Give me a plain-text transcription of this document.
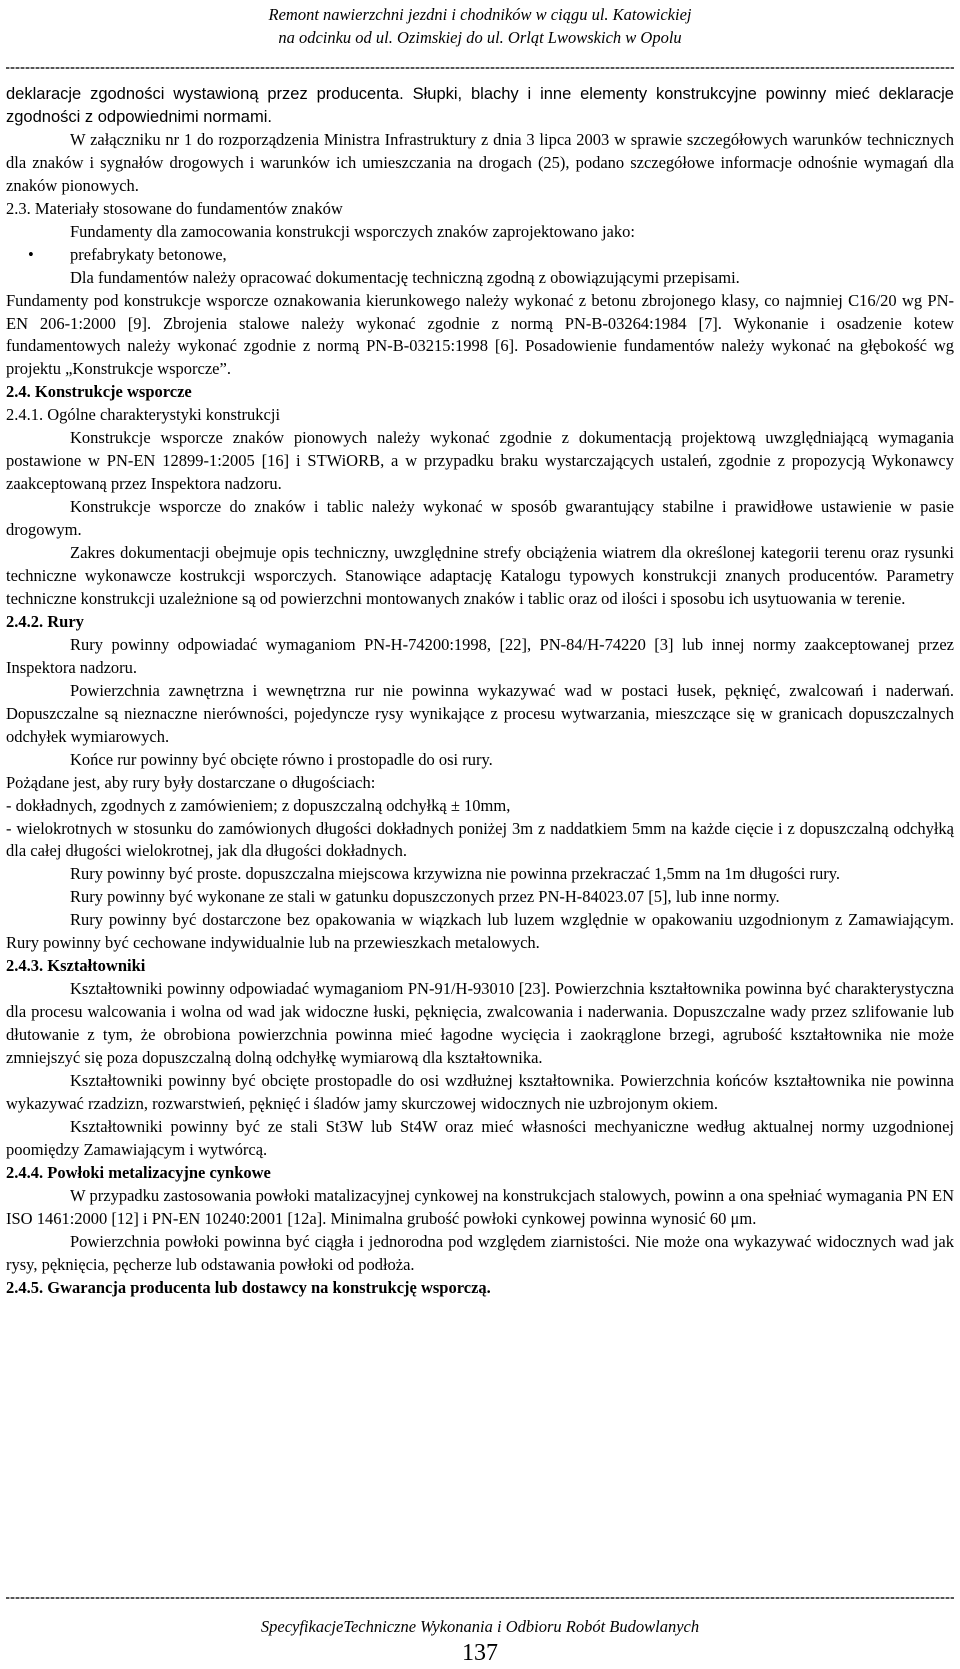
Remont nawierzchni jezdni i chodników w ciągu ul. Katowickiej
na odcinku od ul. Ozimskiej do ul. Orląt Lwowskich w Opolu

deklaracje zgodności wystawioną przez producenta. Słupki, blachy i inne elementy konstrukcyjne powinny mieć deklaracje zgodności z odpowiednimi normami.

W załączniku nr 1 do rozporządzenia Ministra Infrastruktury z dnia 3 lipca 2003 w sprawie szczegółowych warunków technicznych dla znaków i sygnałów drogowych i warunków ich umieszczania na drogach (25), podano szczegółowe informacje odnośnie wymagań dla znaków pionowych.

2.3. Materiały stosowane do fundamentów znaków

Fundamenty dla zamocowania konstrukcji wsporczych znaków zaprojektowano jako:

• prefabrykaty betonowe,

Dla fundamentów należy opracować dokumentację techniczną zgodną z obowiązującymi przepisami.

Fundamenty pod konstrukcje wsporcze oznakowania kierunkowego należy wykonać z betonu zbrojonego klasy, co najmniej C16/20 wg PN-EN 206-1:2000 [9]. Zbrojenia stalowe należy wykonać zgodnie z normą PN-B-03264:1984 [7]. Wykonanie i osadzenie kotew fundamentowych należy wykonać zgodnie z normą PN-B-03215:1998 [6]. Posadowienie fundamentów należy wykonać na głębokość wg projektu „Konstrukcje wsporcze”.

2.4. Konstrukcje wsporcze

2.4.1. Ogólne charakterystyki konstrukcji

Konstrukcje wsporcze znaków pionowych należy wykonać zgodnie z dokumentacją projektową uwzględniającą wymagania postawione w PN-EN 12899-1:2005 [16] i STWiORB, a w przypadku braku wystarczających ustaleń, zgodnie z propozycją Wykonawcy zaakceptowaną przez Inspektora nadzoru.

Konstrukcje wsporcze do znaków i tablic należy wykonać w sposób gwarantujący stabilne i prawidłowe ustawienie w pasie drogowym.

Zakres dokumentacji obejmuje opis techniczny, uwzględnine strefy obciążenia wiatrem dla określonej kategorii terenu oraz rysunki techniczne wykonawcze kostrukcji wsporczych. Stanowiące adaptację Katalogu typowych konstrukcji znanych producentów. Parametry techniczne konstrukcji uzależnione są od powierzchni montowanych znaków i tablic oraz od ilości i sposobu ich usytuowania w terenie.

2.4.2. Rury

Rury powinny odpowiadać wymaganiom PN-H-74200:1998, [22], PN-84/H-74220 [3] lub innej normy zaakceptowanej przez Inspektora nadzoru.

Powierzchnia zawnętrzna i wewnętrzna rur nie powinna wykazywać wad w postaci łusek, pęknięć, zwalcowań i naderwań. Dopuszczalne są nieznaczne nierówności, pojedyncze rysy wynikające z procesu wytwarzania, mieszczące się w granicach dopuszczalnych odchyłek wymiarowych.

Końce rur powinny być obcięte równo i prostopadle do osi rury.

Pożądane jest, aby rury były dostarczane o długościach:

- dokładnych, zgodnych z zamówieniem; z dopuszczalną odchyłką ± 10mm,

- wielokrotnych w stosunku do zamówionych długości dokładnych poniżej 3m z naddatkiem 5mm na każde cięcie i z dopuszczalną odchyłką dla całej długości wielokrotnej, jak dla długości dokładnych.

Rury powinny być proste. dopuszczalna miejscowa krzywizna nie powinna przekraczać 1,5mm na 1m długości rury.

Rury powinny być wykonane ze stali w gatunku dopuszczonych przez PN-H-84023.07 [5], lub inne normy.

Rury powinny być dostarczone bez opakowania w wiązkach lub luzem względnie w opakowaniu uzgodnionym z Zamawiającym. Rury powinny być cechowane indywidualnie lub na przewieszkach metalowych.

2.4.3. Kształtowniki

Kształtowniki powinny odpowiadać wymaganiom PN-91/H-93010 [23]. Powierzchnia kształtownika powinna być charakterystyczna dla procesu walcowania i wolna od wad jak widoczne łuski, pęknięcia, zwalcowania i naderwania. Dopuszczalne wady przez szlifowanie lub dłutowanie z tym, że obrobiona powierzchnia powinna mieć łagodne wycięcia i zaokrąglone brzegi, agrubość kształtownika nie może zmniejszyć się poza dopuszczalną dolną odchyłkę wymiarową dla kształtownika.

Kształtowniki powinny być obcięte prostopadle do osi wzdłużnej kształtownika. Powierzchnia końców kształtownika nie powinna wykazywać rzadzizn, rozwarstwień, pęknięć i śladów jamy skurczowej widocznych nie uzbrojonym okiem.

Kształtowniki powinny być ze stali St3W lub St4W oraz mieć własności mechyaniczne według aktualnej normy uzgodnionej poomiędzy Zamawiającym i wytwórcą.

2.4.4. Powłoki metalizacyjne cynkowe

W przypadku zastosowania powłoki matalizacyjnej cynkowej na konstrukcjach stalowych, powinn a ona spełniać wymagania PN EN ISO 1461:2000 [12] i PN-EN 10240:2001 [12a]. Minimalna grubość powłoki cynkowej powinna wynosić 60 μm.

Powierzchnia powłoki powinna być ciągła i jednorodna pod względem ziarnistości. Nie może ona wykazywać widocznych wad jak rysy, pęknięcia, pęcherze lub odstawania powłoki od podłoża.

2.4.5. Gwarancja producenta lub dostawcy na konstrukcję wsporczą.

SpecyfikacjeTechniczne Wykonania i Odbioru Robót Budowlanych
137
